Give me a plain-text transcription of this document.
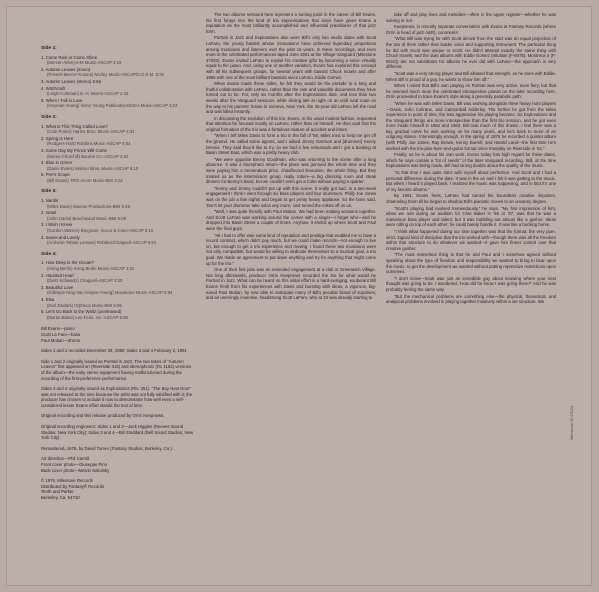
Side 1:
1. Come Rain or Come Shine
(Mercer-Arlen) A-M Music-ASCAP 3:19
2. Autumn Leaves (mono)
(Prevert-Mercer-Kosma) Morley Music-ASCAP/S.D.R.M. 5:32
3. Autumn Leaves (stereo) 5:56
4. Witchcraft
(Leigh-Coleman) E. H. Morris-ASCAP 4:32
5. When I Fall in Love
(Heyman-Young) Victor Young Publications/MCA Music-ASCAP 4:24
Side 2:
1. What Is This Thing Called Love?
(Cole Porter) Harms Bros. Music-ASCAP 4:34
2. Spring Is Here
(Rodgers-Hart) Robbins Music-ASCAP 5:04
3. Some Day My Prince Will Come
(Morey-Churchill) Bourne Co.-ASCAP 4:52
4. Blue in Green
(Davis-Evans) Warner Bros. Music-ASCAP 5:15
5. Peri's Scope
(Bill Evans) TRO-Acorn Music-BMI 3:12
Side 3:
1. Nardis
(Miles Davis) Macrae Productions-BMI 5:49
2. Israel
(John Carisi) Beechwood Music-BMI 6:09
3. I Wish I Knew
(Gordon-Warren) Bregman, Vocco & Conn-ASCAP 5:10
4. Sweet and Lovely
(Arnheim-Tobias-Lemare) Robbins/Chappell-ASCAP 5:51
Side 4:
1. How Deep Is the Ocean?
(Irving Berlin) Irving Berlin Music-ASCAP 3:31
2. Haunted Heart
(Dietz-Schwartz) Chappell-ASCAP 3:25
3. Beautiful Love
(Gillespie-King-Van Alstyne-Young) Movietone Music-ASCAP 5:04
4. Elsa
(Earl Zindars) Orpheus Music-BMI 5:06
5. Let's Go Back to the Waltz (unreleased)
(Martin-Blane) Lee Feist, Inc.-ASCAP 5:06

Bill Evans—piano

Scott La Faro—bass

Paul Motian—drums

Sides 1 and 2 recorded December 28, 1959; Sides 3 and 4 February 2, 1961

Side 1 and 2 originally issued as Portrait in Jazz. The two takes of "Autumn Leaves" first appeared on (Riverside 315) and stereophonic (Rx 1162) versions of the album—the early stereo equipment having malfunctioned during the recording of the first-preference performance.

Sides 3 and 4 originally issued as Explorations (Rlv. 351). "The Boy Next Door" was not released at the time because the artist was not fully satisfied with it; the producer has chosen to include it now to demonstrate how well even a self-considered lesser Evans effort stands the test of time.

Original recording and this release produced by Orrin Keepnews.

Original recording engineers: Sides 1 and 2—Jack Higgins (Reeves Sound Studios; New York City); Sides 3 and 4—Bill Stoddard (Bell Sound Studios; New York City).

Remastered, 1976, by David Turner (Fantasy Studios, Berkeley, Ca.).

Art direction—Phil Carroll
Front cover photo—Giuseppe Pino
Back cover photo—Melvin Sokolsky

© 1976, Milestone Records
Distributed by Fantasy® Records
Tenth and Parker
Berkeley, Ca. 94710

The two albums reissued here represent a turning point in the career of Bill Evans, his first forays into the kind of trio improvisations that since have given Evans a reputation as the most brilliantly accomplished and influential practitioner of that jazz form.

Portrait in Jazz and Explorations also were Bill's only two studio dates with Scott LaFaro, the young bassist whose innovations have achieved legendary proportions among musicians and listeners over the past 15 years. In these recordings, and even more in the celebrated performances taped June 1961 at the Village Vanguard (Milestone 47002), Evans invited LaFaro to exploit his creative gifts by becoming a voice virtually equal to the piano. And, using one or another variation, Evans has explored this concept with all his subsequent groups, for several years with bassist Chuck Israels and after 1966 with one of the most brilliant bassists since LaFaro, Eddie Gomez.

When Evans made these sides, he felt they would be the prelude to a long and fruitful collaboration with LaFaro, rather than the rare and valuable documents they have turned out to be. For, only six months after the Explorations date, and less than two weeks after the Vanguard sessions, while driving late at night on an unlit rural route on the way to his parents' house in Geneva, New York, the 25-year-old LaFaro left the road and was killed instantly.

In discussing the evolution of this trio, Evans, in his usual modest fashion, requested that attention be focused mostly on LaFaro, rather than on himself. He then said that the original formation of the trio was a fortuitous mixture of accident and intent.

"When I left Miles Davis to form a trio in the fall of '58, Miles tried to help me get off the ground. He called some agents, and I asked Jimmy Garrison and [drummer] Kenny Dennis. They said they'd like to try, so we had a few rehearsals and I got a booking at Basin Street East, which was a pretty heavy club.

"We were opposite Benny Goodman, who was returning to the scene after a long absence. It was a triumphant return—the place was jammed the whole time and they were paying him a tremendous price, chauffeured limousine, the whole thing. But they treated us as the intermission group, really rotten—a big dressing room and steak dinners for Benny's band, but we couldn't even get a Coke without paying a quarter.

"Kenny and Jimmy couldn't put up with this scene. It really got bad. In a two-week engagement I think I went through six bass players and four drummers. Philly Joe Jones was on the job a few nights and began to get pretty heavy applause. So the boss said, 'Don't let your drummer take solos any more,' and turned the mikes off on us.

"Well, I was quite friendly with Paul Motian. We had been making sessions together. And Scott LaFaro was working around the corner with a singer—I forget who—and he dropped into Basin Street a couple of times. Anyhow, it ended up where Scott and Paul were the final guys.

"All I had to offer was some kind of reputation and prestige that enabled me to have a record contract, which didn't pay much, but we could make records—not enough to live on, but enough to get a trio experience and moving. I found these two musicians were not only compatible, but would be willing to dedicate themselves to a musical goal, a trio goal. We made an agreement to put down anything and try for anything that might come up for the trio."

One of their first jobs was an extended engagement at a club in Greenwich Village. Not long afterwards, producer Orrin Keepnews recorded the trio for what would be Portrait in Jazz. What can be heard on this initial effort is a hard-swinging, exuberant Bill Evans fresh from his experiences with Davis and bursting with ideas; a vigorous, big-eared Paul Motian, by now able to anticipate many of Bill's peculiar brand of surprises; and an unerringly inventive, headstrong Scott LaFaro, who at 23 was already starting to

take off and play lines and melodies—often in the upper register—whether he was soloing or not.

Keepnews, in recently separate conversation with Evans at Fantasy Records (where Orrin is head of jazz A&R), comments:

"What Bill was trying for with Scott almost from the start was an equal projection of the two of them rather than leader voice and supporting instrument. The particular thing he did with Scott was unique to Scott. He didn't attempt exactly the same thing with Chuck Israels; and the duet albums with Eddie Gomez (Intuition (F-9475), Montreux II (F-9510)) are not substitutes for albums he ever did with LaFaro—the approach is very different.

"Scott was a very strong player and Bill allowed that strength, as he does with Eddie. When Bill is proud of a guy, he wants to show him off."

When I noted that Bill's own playing on Portrait was very active, even fiery, but that he seemed much more the celebrated introspective pianist on the later recording here, Orrin proceeded to trace Evans's style along a generally parabolic path:

"When he was with Miles Davis, Bill was working alongside three heavy horn players—Davis, John Coltrane, and Cannonball Adderley. The further he got from the Miles experience in point of time, the less aggressive his playing became. So Explorations and the Vanguard things are more introspective than the first trio session, and he got even more inside himself in 1962 and 1963. Bill took much of this drastic. I feel there was a big, gradual curve he was working on for many years, and he's back to more of an outgoing stance. Interestingly enough, in the spring of 1976 he recorded a quintet album (with Philly Joe Jones, Ray Brown, Kenny Burrell, and Harold Land—the first time he's worked with the trio-plus-horn-and-guitar format since Interplay on Riverside in '62."

Finally, as he is about his own work, Evans today has high regard for these dates, which he says contain a "lot of seeds" of the later Vanguard recording. Still, at the time Explorations was being made, Bill had strong doubts about the quality of the music.

"At that time I was quite strict with myself about perfection. And Scott and I had a personal difference during the date. It was in the air and I felt it was getting to the music. But when I heard it played back, I realized the music was happening, and in fact it's one of my favorite albums."

By 1961, Evans feels, LaFaro had turned his boundless creative impulses, channeling them till he began to shadow Bill's pianistic moves to an uncanny degree.

"Scott's playing had evolved tremendously," he says. "My first impression of him, when we met during an audition for Chet Baker in '56 or '57, was that he was a marvelous bass player and talent, but it was bubbling out almost like a gusher. Ideas were rolling on top of each other; he could barely handle it. It was like a bucking horse.

"I think what happened during our time together was that the format, the very pure, strict, logical kind of discipline that the trio worked with—though there was all the freedom within that structure to do whatever we wanted—it gave him firmer control over that creative gusher.

"The most marvelous thing is that he and Paul and I somehow agreed without speaking about the type of freedom and responsibility we wanted to bring to bear upon the music, to get the development we wanted without putting repressive restrictions upon ourselves.

"I don't know—Scott was just an incredible guy about knowing where your next thought was going to be. I wondered, 'How did he know I was going there?' And he was probably feeling the same way.

"But the mechanical problems are something else—the physical, theoretical, and analytical problems involved in playing together intuitively within a set structure. We

Milestone M-47034
